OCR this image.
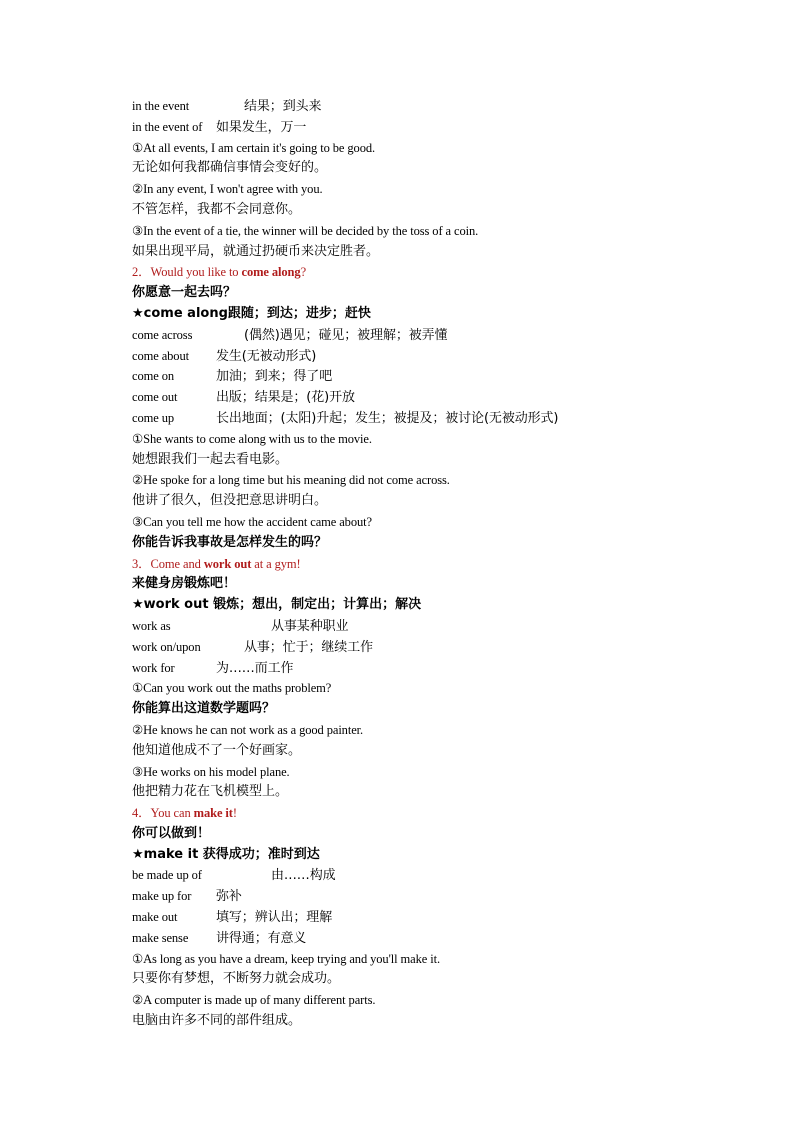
in the event	结果；到头来
in the event of 如果发生，万一
①At all events, I am certain it's going to be good.
无论如何我都确信事情会变好的。
②In any event, I won't agree with you.
不管怎样，我都不会同意你。
③In the event of a tie, the winner will be decided by the toss of a coin.
如果出现平局，就通过扔硬币来决定胜者。
2．Would you like to come along?
你愿意一起去吗？
★come along跟随；到达；进步；赶快
come across	(偶然)遇见；碰见；被理解；被弄懂
come about 发生(无被动形式)
come on	加油；到来；得了吧
come out	出版；结果是；(花)开放
come up	长出地面；(太阳)升起；发生；被提及；被讨论(无被动形式)
①She wants to come along with us to the movie.
她想跟我们一起去看电影。
②He spoke for a long time but his meaning did not come across.
他讲了很久，但没把意思讲明白。
③Can you tell me how the accident came about?
你能告诉我事故是怎样发生的吗？
3．Come and work out at a gym!
来健身房锻炼吧！
★work out 锻炼；想出，制定出；计算出；解决
work as	从事某种职业
work on/upon	从事；忙于；继续工作
work for	为……而工作
①Can you work out the maths problem?
你能算出这道数学题吗？
②He knows he can not work as a good painter.
他知道他成不了一个好画家。
③He works on his model plane.
他把精力花在飞机模型上。
4．You can make it!
你可以做到！
★make it 获得成功；准时到达
be made up of	由……构成
make up for 弥补
make out	填写；辨认出；理解
make sense 讲得通；有意义
①As long as you have a dream, keep trying and you'll make it.
只要你有梦想，不断努力就会成功。
②A computer is made up of many different parts.
电脑由许多不同的部件组成。
